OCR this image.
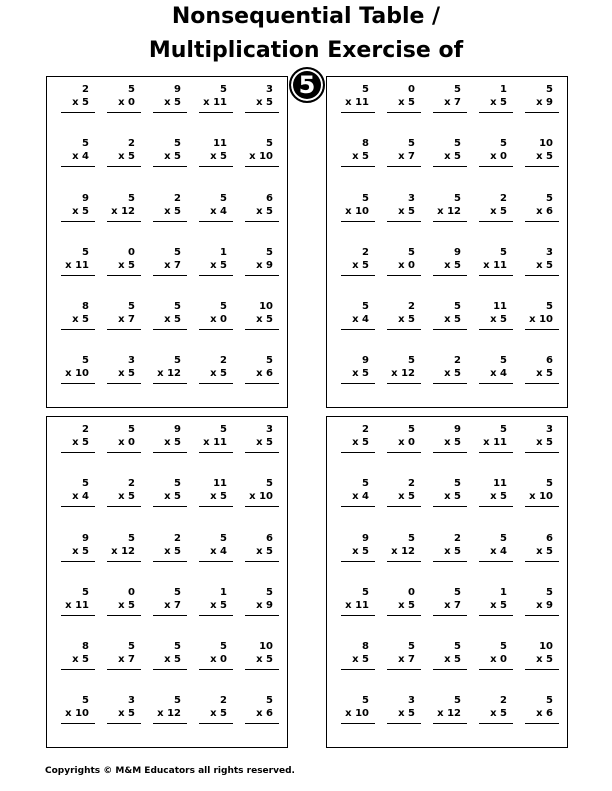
Nonsequential Table /
Multiplication Exercise of
5
2
x 5
5
x 0
9
x 5
5
x 11
3
x 5
5
x 4
2
x 5
5
x 5
11
x 5
5
x 10
9
x 5
5
x 12
2
x 5
5
x 4
6
x 5
5
x 11
0
x 5
5
x 7
1
x 5
5
x 9
8
x 5
5
x 7
5
x 5
5
x 0
10
x 5
5
x 10
3
x 5
5
x 12
2
x 5
5
x 6
5
x 11
0
x 5
5
x 7
1
x 5
5
x 9
8
x 5
5
x 7
5
x 5
5
x 0
10
x 5
5
x 10
3
x 5
5
x 12
2
x 5
5
x 6
2
x 5
5
x 0
9
x 5
5
x 11
3
x 5
5
x 4
2
x 5
5
x 5
11
x 5
5
x 10
9
x 5
5
x 12
2
x 5
5
x 4
6
x 5
2
x 5
5
x 0
9
x 5
5
x 11
3
x 5
5
x 4
2
x 5
5
x 5
11
x 5
5
x 10
9
x 5
5
x 12
2
x 5
5
x 4
6
x 5
5
x 11
0
x 5
5
x 7
1
x 5
5
x 9
8
x 5
5
x 7
5
x 5
5
x 0
10
x 5
5
x 10
3
x 5
5
x 12
2
x 5
5
x 6
2
x 5
5
x 0
9
x 5
5
x 11
3
x 5
5
x 4
2
x 5
5
x 5
11
x 5
5
x 10
9
x 5
5
x 12
2
x 5
5
x 4
6
x 5
5
x 11
0
x 5
5
x 7
1
x 5
5
x 9
8
x 5
5
x 7
5
x 5
5
x 0
10
x 5
5
x 10
3
x 5
5
x 12
2
x 5
5
x 6
Copyrights © M&M Educators all rights reserved.
